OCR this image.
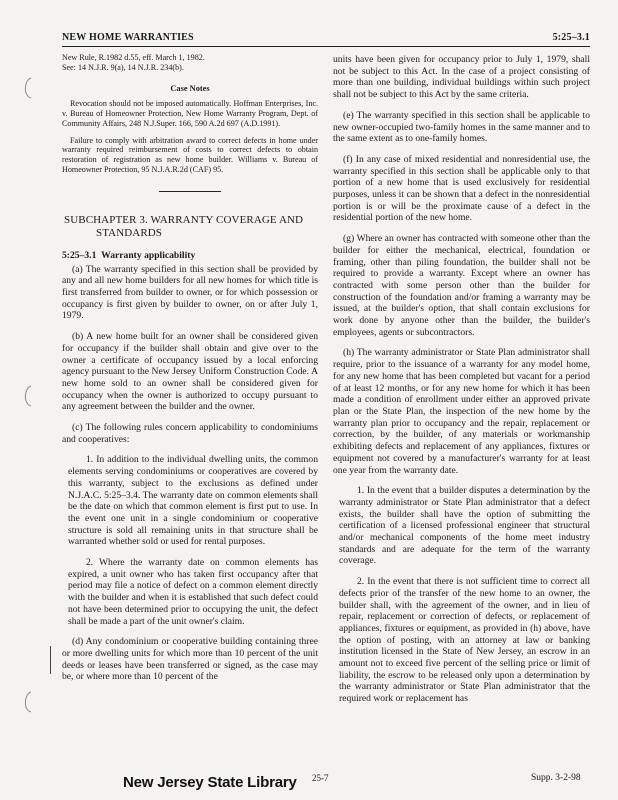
NEW HOME WARRANTIES	5:25–3.1
New Rule, R.1982 d.55, eff. March 1, 1982.
See: 14 N.J.R. 9(a), 14 N.J.R. 234(b).
Case Notes
Revocation should not be imposed automatically. Hoffman Enterprises, Inc. v. Bureau of Homeowner Protection, New Home Warranty Program, Dept. of Community Affairs, 248 N.J.Super. 166, 590 A.2d 697 (A.D.1991).
Failure to comply with arbitration award to correct defects in home under warranty required reimbursement of costs to correct defects to obtain restoration of registration as new home builder. Williams v. Bureau of Homeowner Protection, 95 N.J.A.R.2d (CAF) 95.
SUBCHAPTER 3. WARRANTY COVERAGE AND
STANDARDS
5:25–3.1 Warranty applicability

(a) The warranty specified in this section shall be provided by any and all new home builders for all new homes for which title is first transferred from builder to owner, or for which possession or occupancy is first given by builder to owner, on or after July 1, 1979.

(b) A new home built for an owner shall be considered given for occupancy if the builder shall obtain and give over to the owner a certificate of occupancy issued by a local enforcing agency pursuant to the New Jersey Uniform Construction Code. A new home sold to an owner shall be considered given for occupancy when the owner is authorized to occupy pursuant to any agreement between the builder and the owner.

(c) The following rules concern applicability to condominiums and cooperatives:

1. In addition to the individual dwelling units, the common elements serving condominiums or cooperatives are covered by this warranty, subject to the exclusions as defined under N.J.A.C. 5:25–3.4. The warranty date on common elements shall be the date on which that common element is first put to use. In the event one unit in a single condominium or cooperative structure is sold all remaining units in that structure shall be warranted whether sold or used for rental purposes.

2. Where the warranty date on common elements has expired, a unit owner who has taken first occupancy after that period may file a notice of defect on a common element directly with the builder and when it is established that such defect could not have been determined prior to occupying the unit, the defect shall be made a part of the unit owner's claim.

(d) Any condominium or cooperative building containing three or more dwelling units for which more than 10 percent of the unit deeds or leases have been transferred or signed, as the case may be, or where more than 10 percent of the

units have been given for occupancy prior to July 1, 1979, shall not be subject to this Act. In the case of a project consisting of more than one building, individual buildings within such project shall not be subject to this Act by the same criteria.

(e) The warranty specified in this section shall be applicable to new owner-occupied two-family homes in the same manner and to the same extent as to one-family homes.

(f) In any case of mixed residential and nonresidential use, the warranty specified in this section shall be applicable only to that portion of a new home that is used exclusively for residential purposes, unless it can be shown that a defect in the nonresidential portion is or will be the proximate cause of a defect in the residential portion of the new home.

(g) Where an owner has contracted with someone other than the builder for either the mechanical, electrical, foundation or framing, other than piling foundation, the builder shall not be required to provide a warranty. Except where an owner has contracted with some person other than the builder for construction of the foundation and/or framing a warranty may be issued, at the builder's option, that shall contain exclusions for work done by anyone other than the builder, the builder's employees, agents or subcontractors.

(h) The warranty administrator or State Plan administrator shall require, prior to the issuance of a warranty for any model home, for any new home that has been completed but vacant for a period of at least 12 months, or for any new home for which it has been made a condition of enrollment under either an approved private plan or the State Plan, the inspection of the new home by the warranty plan prior to occupancy and the repair, replacement or correction, by the builder, of any materials or workmanship exhibiting defects and replacement of any appliances, fixtures or equipment not covered by a manufacturer's warranty for at least one year from the warranty date.

1. In the event that a builder disputes a determination by the warranty administrator or State Plan administrator that a defect exists, the builder shall have the option of submitting the certification of a licensed professional engineer that structural and/or mechanical components of the home meet industry standards and are adequate for the term of the warranty coverage.

2. In the event that there is not sufficient time to correct all defects prior of the transfer of the new home to an owner, the builder shall, with the agreement of the owner, and in lieu of repair, replacement or correction of defects, or replacement of appliances, fixtures or equipment, as provided in (h) above, have the option of posting, with an attorney at law or banking institution licensed in the State of New Jersey, an escrow in an amount not to exceed five percent of the selling price or limit of liability, the escrow to be released only upon a determination by the warranty administrator or State Plan administrator that the required work or replacement has

New Jersey State Library 25-7	Supp. 3-2-98
